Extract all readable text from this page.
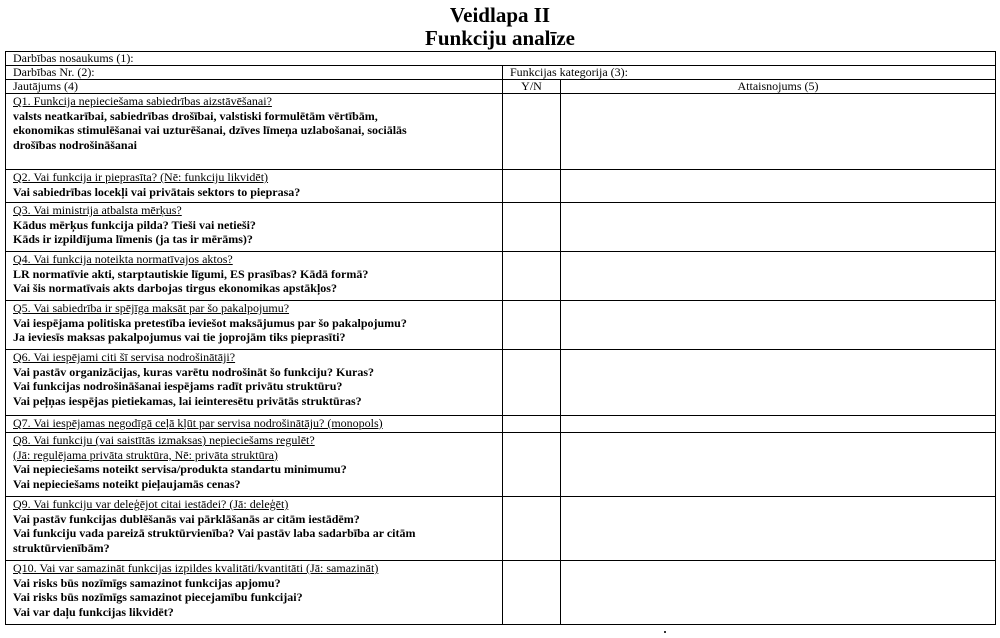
Veidlapa II
Funkciju analīze
Darbības nosaukums (1):		
Darbības Nr. (2):	Funkcijas kategorija (3):	
Jautājums (4)	Y/N	Attaisnojums (5)

Q1. Funkcija nepieciešama sabiedrības aizstāvēšanai?
valsts neatkarībai, sabiedrības drošībai, valstiski formulētām vērtībām,
ekonomikas stimulēšanai vai uzturēšanai, dzīves līmeņa uzlabošanai, sociālās
drošības nodrošināšanai		

Q2. Vai funkcija ir pieprasīta? (Nē: funkciju likvidēt)
Vai sabiedrības locekļi vai privātais sektors to pieprasa?		

Q3. Vai ministrija atbalsta mērķus?
Kādus mērķus funkcija pilda? Tieši vai netieši?
Kāds ir izpildījuma līmenis (ja tas ir mērāms)?		

Q4. Vai funkcija noteikta normatīvajos aktos?
LR normatīvie akti, starptautiskie līgumi, ES prasības? Kādā formā?
Vai šis normatīvais akts darbojas tirgus ekonomikas apstākļos?		

Q5. Vai sabiedrība ir spējīga maksāt par šo pakalpojumu?
Vai iespējama politiska pretestība ieviešot maksājumus par šo pakalpojumu?
Ja ieviesīs maksas pakalpojumus vai tie joprojām tiks pieprasīti?		

Q6. Vai iespējami citi šī servisa nodrošinātāji?
Vai pastāv organizācijas, kuras varētu nodrošināt šo funkciju? Kuras?
Vai funkcijas nodrošināšanai iespējams radīt privātu struktūru?
Vai peļņas iespējas pietiekamas, lai ieinteresētu privātās struktūras?		

Q7. Vai iespējamas negodīgā ceļā kļūt par servisa nodrošinātāju? (monopols)		

Q8. Vai funkciju (vai saistītās izmaksas) nepieciešams regulēt?
(Jā: regulējama privāta struktūra, Nē: privāta struktūra)
Vai nepieciešams noteikt servisa/produkta standartu minimumu?
Vai nepieciešams noteikt pieļaujamās cenas?		

Q9. Vai funkciju var deleģējot citai iestādei? (Jā: deleģēt)
Vai pastāv funkcijas dublēšanās vai pārklāšanās ar citām iestādēm?
Vai funkciju vada pareizā struktūrvienība? Vai pastāv laba sadarbība ar citām
struktūrvienībām?		

Q10. Vai var samazināt funkcijas izpildes kvalitāti/kvantitāti (Jā: samazināt)
Vai risks būs nozīmīgs samazinot funkcijas apjomu?
Vai risks būs nozīmīgs samazinot piecejamību funkcijai?
Vai var daļu funkcijas likvidēt?		
